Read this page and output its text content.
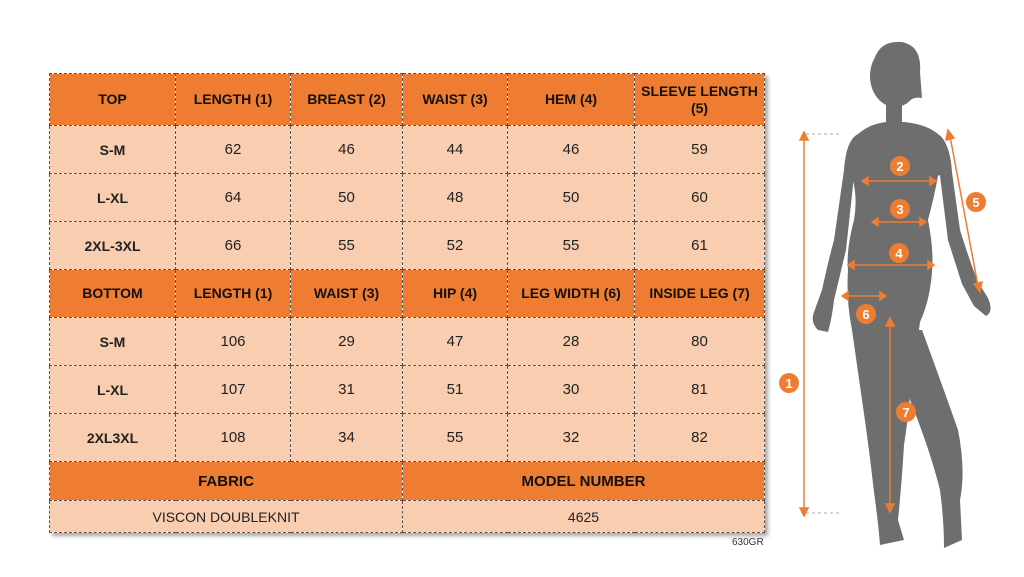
TOP	LENGTH (1)	BREAST (2)	WAIST (3)	HEM (4)	SLEEVE LENGTH (5)
S-M	62	46	44	46	59
L-XL	64	50	48	50	60
2XL-3XL	66	55	52	55	61
BOTTOM	LENGTH (1)	WAIST (3)	HIP (4)	LEG WIDTH (6)	INSIDE LEG (7)
S-M	106	29	47	28	80
L-XL	107	31	51	30	81
2XL3XL	108	34	55	32	82
FABRIC			MODEL NUMBER		
VISCON DOUBLEKNIT			4625		
630GR
1
2
3
4
5
6
7
